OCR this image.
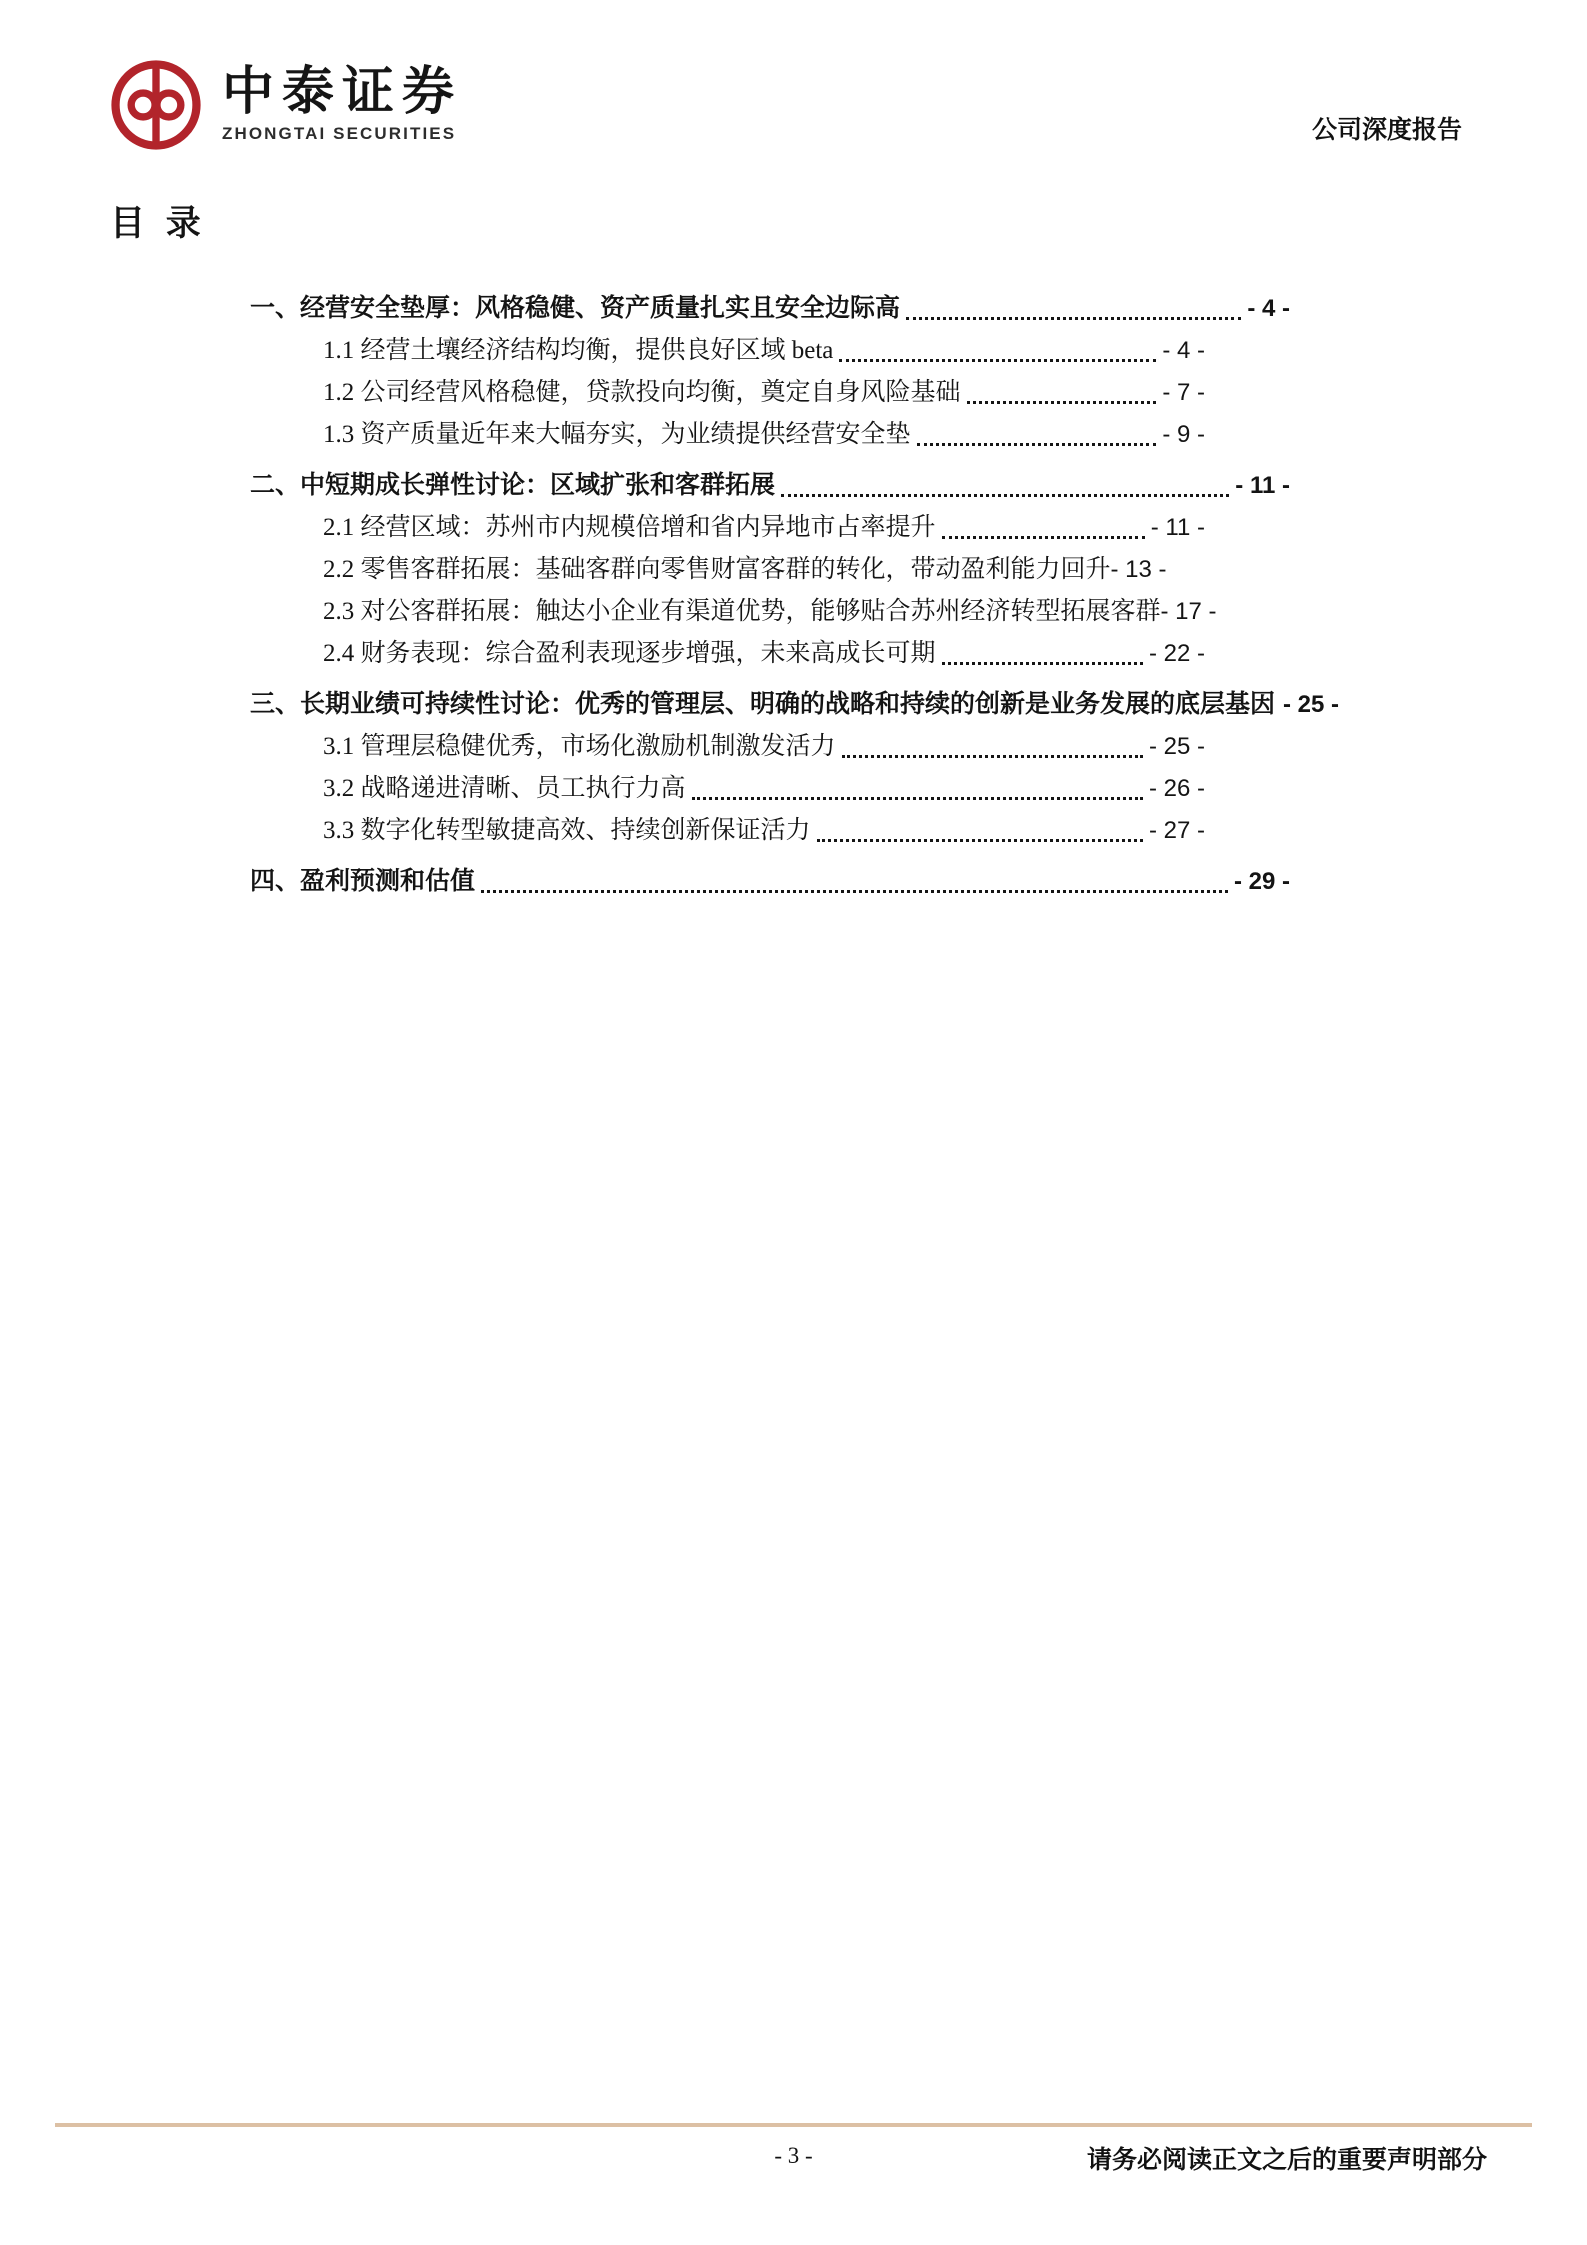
中泰证券
ZHONGTAI SECURITIES	公司深度报告
目 录
一、经营安全垫厚：风格稳健、资产质量扎实且安全边际高	- 4 -
1.1 经营土壤经济结构均衡，提供良好区域 beta	- 4 -
1.2 公司经营风格稳健，贷款投向均衡，奠定自身风险基础	- 7 -
1.3 资产质量近年来大幅夯实，为业绩提供经营安全垫	- 9 -
二、中短期成长弹性讨论：区域扩张和客群拓展	- 11 -
2.1 经营区域：苏州市内规模倍增和省内异地市占率提升	- 11 -
2.2 零售客群拓展：基础客群向零售财富客群的转化，带动盈利能力回升 - 13 -
2.3 对公客群拓展：触达小企业有渠道优势，能够贴合苏州经济转型拓展客群 - 17 -
2.4 财务表现：综合盈利表现逐步增强，未来高成长可期	- 22 -
三、长期业绩可持续性讨论：优秀的管理层、明确的战略和持续的创新是业务发展的底层基因 - 25 -
3.1 管理层稳健优秀，市场化激励机制激发活力	- 25 -
3.2 战略递进清晰、员工执行力高	- 26 -
3.3 数字化转型敏捷高效、持续创新保证活力	- 27 -
四、盈利预测和估值	- 29 -
- 3 -	请务必阅读正文之后的重要声明部分
